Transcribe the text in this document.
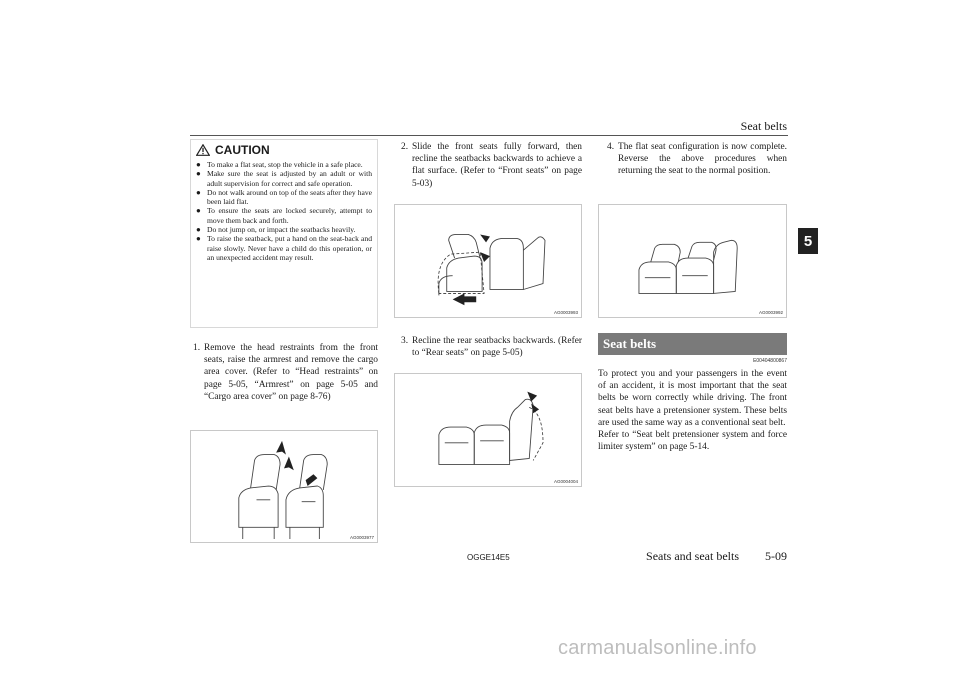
Seat belts
5
CAUTION
● To make a flat seat, stop the vehicle in a safe place.
● Make sure the seat is adjusted by an adult or with adult supervision for correct and safe operation.
● Do not walk around on top of the seats after they have been laid flat.
● To ensure the seats are locked securely, attempt to move them back and forth.
● Do not jump on, or impact the seatbacks heavily.
● To raise the seatback, put a hand on the seat-back and raise slowly. Never have a child do this operation, or an unexpected accident may result.
1. Remove the head restraints from the front seats, raise the armrest and remove the cargo area cover. (Refer to “Head restraints” on page 5-05, “Armrest” on page 5-05 and “Cargo area cover” on page 8-76)
AG0003977
2. Slide the front seats fully forward, then recline the seatbacks backwards to achieve a flat surface. (Refer to “Front seats” on page 5-03)
AG0003993
3. Recline the rear seatbacks backwards. (Refer to “Rear seats” on page 5-05)
AG0004004
4. The flat seat configuration is now complete. Reverse the above procedures when returning the seat to the normal position.
AG0003992
Seat belts
E00404800867

To protect you and your passengers in the event of an accident, it is most important that the seat belts be worn correctly while driving. The front seat belts have a pretensioner system. These belts are used the same way as a conventional seat belt.

Refer to “Seat belt pretensioner system and force limiter system” on page 5-14.

OGGE14E5	Seats and seat belts 5-09
carmanualsonline.info
